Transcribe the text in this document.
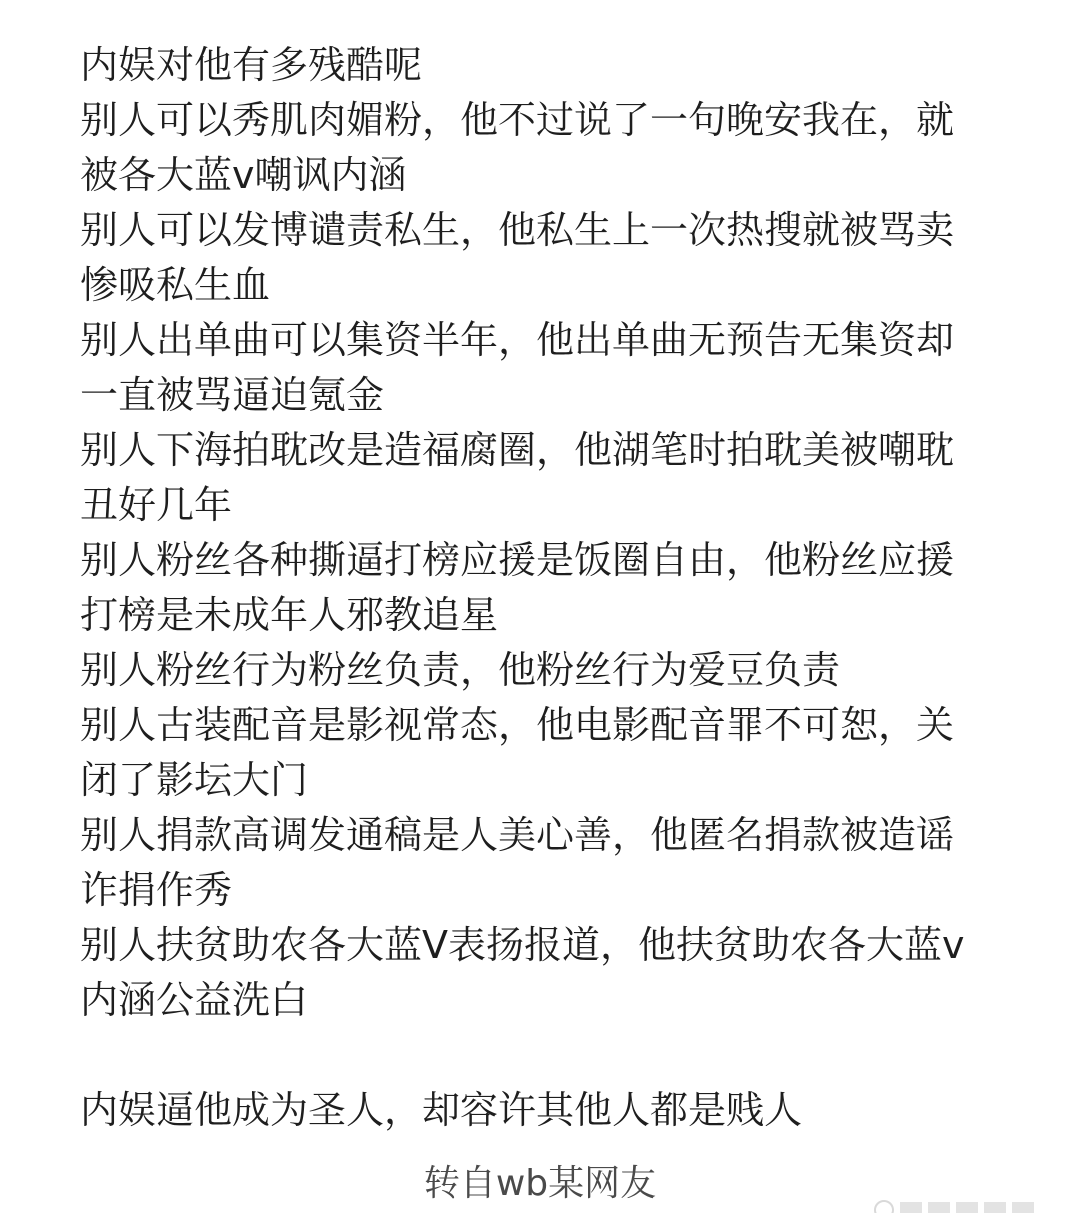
内娱对他有多残酷呢
别人可以秀肌肉媚粉，他不过说了一句晚安我在，就
被各大蓝v嘲讽内涵
别人可以发博谴责私生，他私生上一次热搜就被骂卖
惨吸私生血
别人出单曲可以集资半年，他出单曲无预告无集资却
一直被骂逼迫氪金
别人下海拍耽改是造福腐圈，他湖笔时拍耽美被嘲耽
丑好几年
别人粉丝各种撕逼打榜应援是饭圈自由，他粉丝应援
打榜是未成年人邪教追星
别人粉丝行为粉丝负责，他粉丝行为爱豆负责
别人古装配音是影视常态，他电影配音罪不可恕，关
闭了影坛大门
别人捐款高调发通稿是人美心善，他匿名捐款被造谣
诈捐作秀
别人扶贫助农各大蓝Ⅴ表扬报道，他扶贫助农各大蓝v
内涵公益洗白
内娱逼他成为圣人，却容许其他人都是贱人
转自wb某网友
